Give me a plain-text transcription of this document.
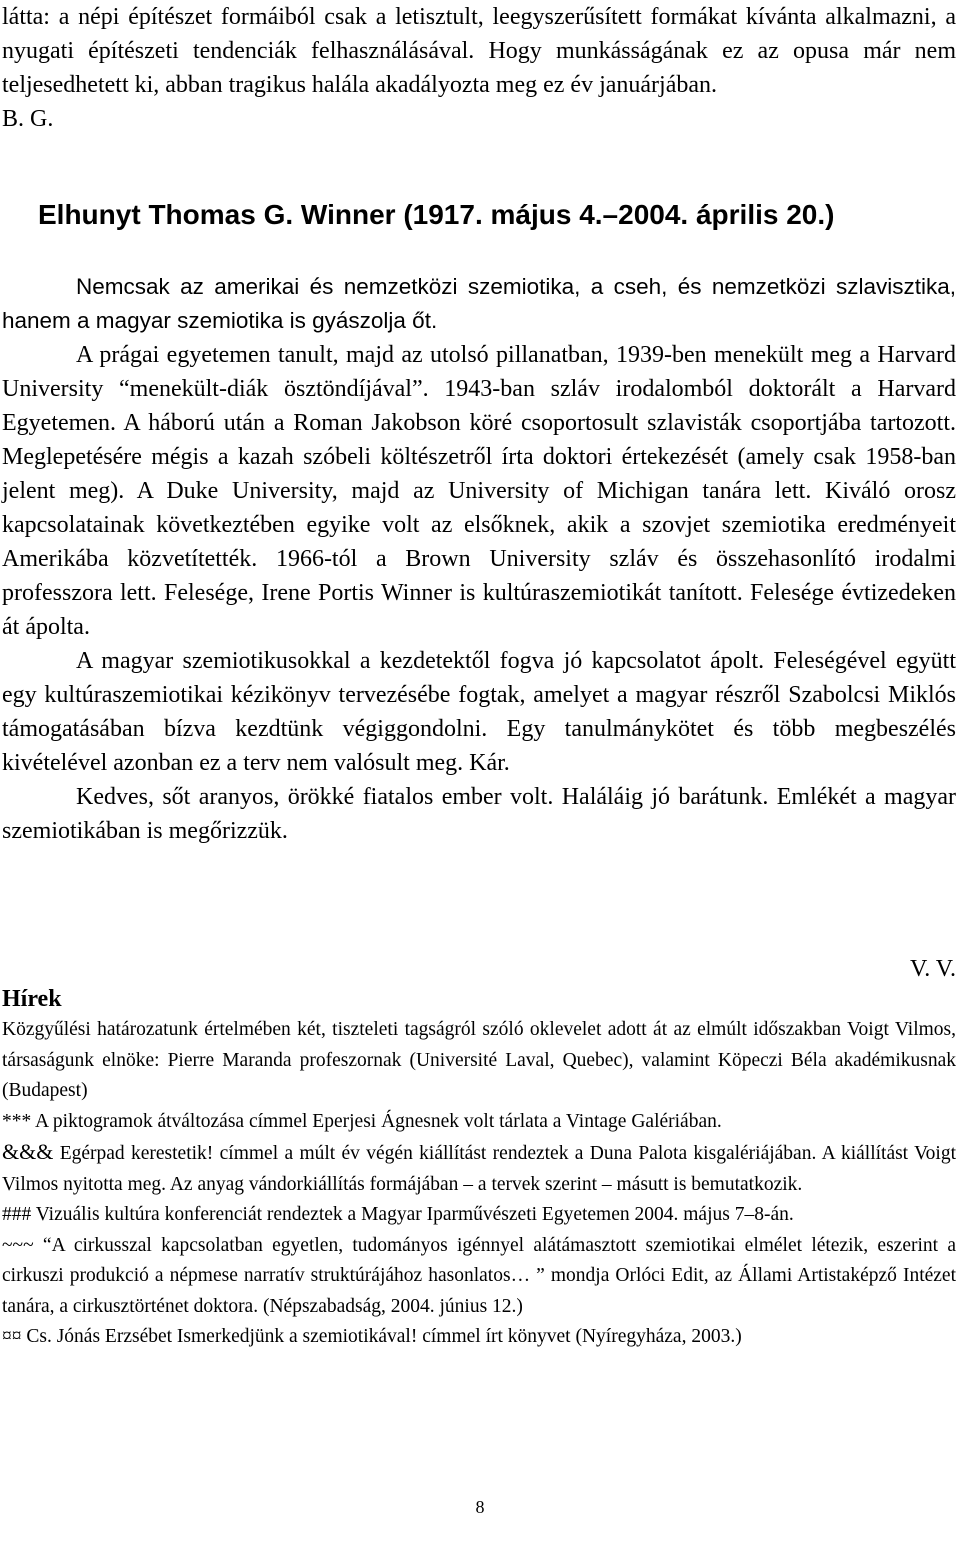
látta: a népi építészet formáiból csak a letisztult, leegyszerűsített formákat kívánta alkalmazni, a nyugati építészeti tendenciák felhasználásával. Hogy munkásságának ez az opusa már nem teljesedhetett ki, abban tragikus halála akadályozta meg ez év januárjában.

B. G.

Elhunyt Thomas G. Winner (1917. május 4.–2004. április 20.)

Nemcsak az amerikai és nemzetközi szemiotika, a cseh, és nemzetközi szlavisztika, hanem a magyar szemiotika is gyászolja őt.

A prágai egyetemen tanult, majd az utolsó pillanatban, 1939-ben menekült meg a Harvard University “menekült-diák ösztöndíjával”. 1943-ban szláv irodalomból doktorált a Harvard Egyetemen. A háború után a Roman Jakobson köré csoportosult szlavisták csoportjába tartozott. Meglepetésére mégis a kazah szóbeli költészetről írta doktori értekezését (amely csak 1958-ban jelent meg). A Duke University, majd az University of Michigan tanára lett. Kiváló orosz kapcsolatainak következtében egyike volt az elsőknek, akik a szovjet szemiotika eredményeit Amerikába közvetítették. 1966-tól a Brown University szláv és összehasonlító irodalmi professzora lett. Felesége, Irene Portis Winner is kultúraszemiotikát tanított. Felesége évtizedeken át ápolta.

A magyar szemiotikusokkal a kezdetektől fogva jó kapcsolatot ápolt. Feleségével együtt egy kultúraszemiotikai kézikönyv tervezésébe fogtak, amelyet a magyar részről Szabolcsi Miklós támogatásában bízva kezdtünk végiggondolni. Egy tanulmánykötet és több megbeszélés kivételével azonban ez a terv nem valósult meg. Kár.

Kedves, sőt aranyos, örökké fiatalos ember volt. Haláláig jó barátunk. Emlékét a magyar szemiotikában is megőrizzük.

V. V.
Hírek

Közgyűlési határozatunk értelmében két, tiszteleti tagságról szóló oklevelet adott át az elmúlt időszakban Voigt Vilmos, társaságunk elnöke: Pierre Maranda profeszornak (Université Laval, Quebec), valamint Köpeczi Béla akadémikusnak (Budapest)

*** A piktogramok átváltozása címmel Eperjesi Ágnesnek volt tárlata a Vintage Galériában.

&&& Egérpad kerestetik! címmel a múlt év végén kiállítást rendeztek a Duna Palota kisgalériájában. A kiállítást Voigt Vilmos nyitotta meg. Az anyag vándorkiállítás formájában – a tervek szerint – másutt is bemutatkozik.

### Vizuális kultúra konferenciát rendeztek a Magyar Iparművészeti Egyetemen 2004. május 7–8-án.

~~~ “A cirkusszal kapcsolatban egyetlen, tudományos igénnyel alátámasztott szemiotikai elmélet létezik, eszerint a cirkuszi produkció a népmese narratív struktúrájához hasonlatos… ” mondja Orlóci Edit, az Állami Artistaképző Intézet tanára, a cirkusztörténet doktora. (Népszabadság, 2004. június 12.)

¤¤ Cs. Jónás Erzsébet Ismerkedjünk a szemiotikával! címmel írt könyvet (Nyíregyháza, 2003.)

8
